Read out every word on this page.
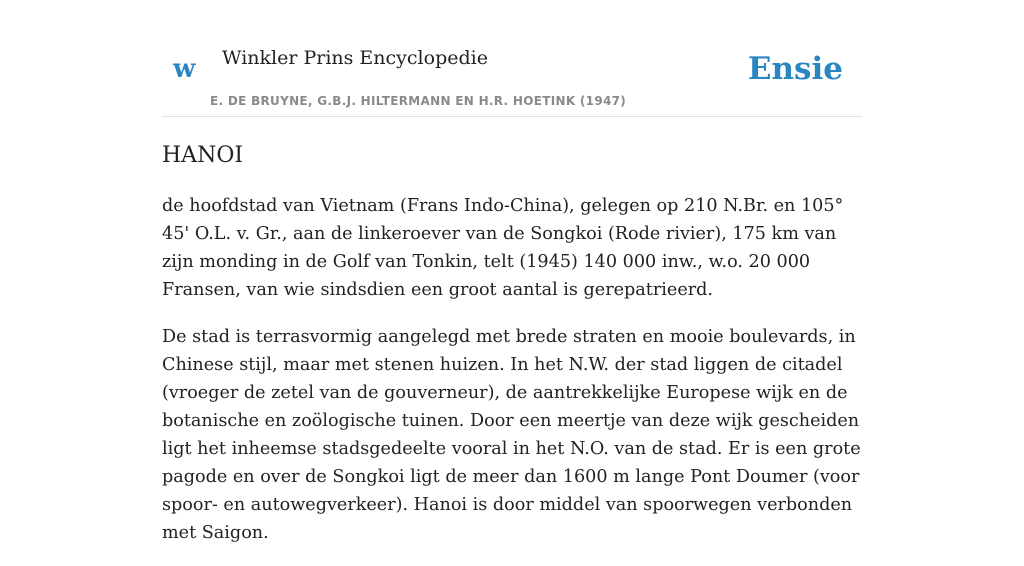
w Winkler Prins Encyclopedie
E. DE BRUYNE, G.B.J. HILTERMANN EN H.R. HOETINK (1947)
Ensie
HANOI

de hoofdstad van Vietnam (Frans Indo-China), gelegen op 210 N.Br. en 105° 45' O.L. v. Gr., aan de linkeroever van de Songkoi (Rode rivier), 175 km van zijn monding in de Golf van Tonkin, telt (1945) 140 000 inw., w.o. 20 000 Fransen, van wie sindsdien een groot aantal is gerepatrieerd.

De stad is terrasvormig aangelegd met brede straten en mooie boulevards, in Chinese stijl, maar met stenen huizen. In het N.W. der stad liggen de citadel (vroeger de zetel van de gouverneur), de aantrekkelijke Europese wijk en de botanische en zoölogische tuinen. Door een meertje van deze wijk gescheiden ligt het inheemse stadsgedeelte vooral in het N.O. van de stad. Er is een grote pagode en over de Songkoi ligt de meer dan 1600 m lange Pont Doumer (voor spoor- en autowegverkeer). Hanoi is door middel van spoorwegen verbonden met Saigon.
